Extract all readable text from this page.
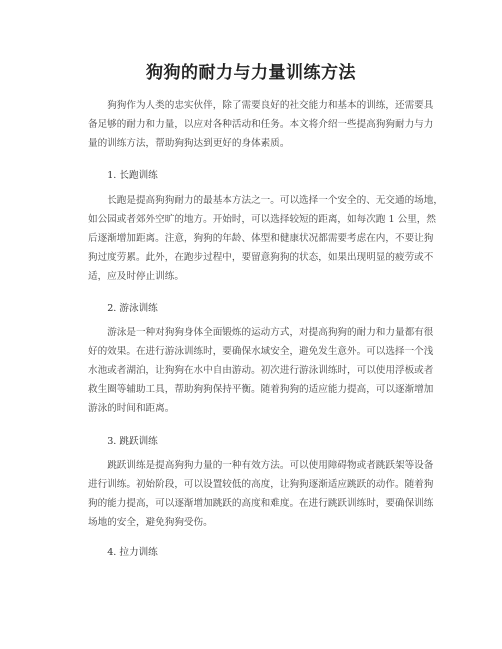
狗狗的耐力与力量训练方法
狗狗作为人类的忠实伙伴，除了需要良好的社交能力和基本的训练，还需要具
备足够的耐力和力量，以应对各种活动和任务。本文将介绍一些提高狗狗耐力与力
量的训练方法，帮助狗狗达到更好的身体素质。
1. 长跑训练
长跑是提高狗狗耐力的最基本方法之一。可以选择一个安全的、无交通的场地，
如公园或者郊外空旷的地方。开始时，可以选择较短的距离，如每次跑 1 公里，然
后逐渐增加距离。注意，狗狗的年龄、体型和健康状况都需要考虑在内，不要让狗
狗过度劳累。此外，在跑步过程中，要留意狗狗的状态，如果出现明显的疲劳或不
适，应及时停止训练。
2. 游泳训练
游泳是一种对狗狗身体全面锻炼的运动方式，对提高狗狗的耐力和力量都有很
好的效果。在进行游泳训练时，要确保水域安全，避免发生意外。可以选择一个浅
水池或者湖泊，让狗狗在水中自由游动。初次进行游泳训练时，可以使用浮板或者
救生圈等辅助工具，帮助狗狗保持平衡。随着狗狗的适应能力提高，可以逐渐增加
游泳的时间和距离。
3. 跳跃训练
跳跃训练是提高狗狗力量的一种有效方法。可以使用障碍物或者跳跃架等设备
进行训练。初始阶段，可以设置较低的高度，让狗狗逐渐适应跳跃的动作。随着狗
狗的能力提高，可以逐渐增加跳跃的高度和难度。在进行跳跃训练时，要确保训练
场地的安全，避免狗狗受伤。
4. 拉力训练
